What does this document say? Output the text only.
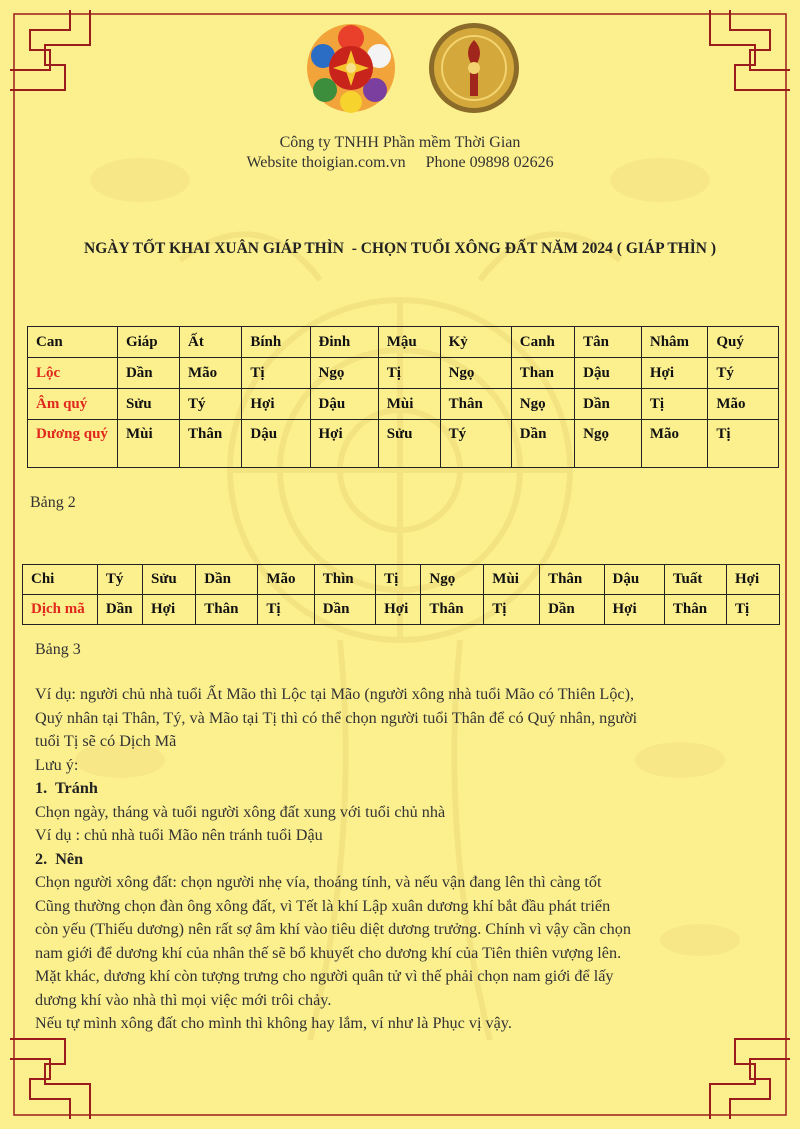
Công ty TNHH Phần mềm Thời Gian
Website thoigian.com.vn     Phone 09898 02626
NGÀY TỐT KHAI XUÂN GIÁP THÌN  - CHỌN TUỔI XÔNG ĐẤT NĂM 2024 ( GIÁP THÌN )
Can	Giáp	Ất	Bính	Đinh	Mậu	Kỷ	Canh	Tân	Nhâm	Quý
Lộc	Dần	Mão	Tị	Ngọ	Tị	Ngọ	Than	Dậu	Hợi	Tý
Âm quý	Sửu	Tý	Hợi	Dậu	Mùi	Thân	Ngọ	Dần	Tị	Mão
Dương quý	Mùi	Thân	Dậu	Hợi	Sửu	Tý	Dần	Ngọ	Mão	Tị
Bảng 2
Chi	Tý	Sửu	Dần	Mão	Thìn	Tị	Ngọ	Mùi	Thân	Dậu	Tuất	Hợi
Dịch mã	Dần	Hợi	Thân	Tị	Dần	Hợi	Thân	Tị	Dần	Hợi	Thân	Tị
Bảng 3

Ví dụ: người chủ nhà tuổi Ất Mão thì Lộc tại Mão (người xông nhà tuổi Mão có Thiên Lộc),

Quý nhân tại Thân, Tý, và Mão tại Tị thì có thể chọn người tuổi Thân để có Quý nhân, người

tuổi Tị sẽ có Dịch Mã

Lưu ý:

1.  Tránh

Chọn ngày, tháng và tuổi người xông đất xung với tuổi chủ nhà

Ví dụ : chủ nhà tuổi Mão nên tránh tuổi Dậu

2.  Nên

Chọn người xông đất: chọn người nhẹ vía, thoáng tính, và nếu vận đang lên thì càng tốt

Cũng thường chọn đàn ông xông đất, vì Tết là khí Lập xuân dương khí bắt đầu phát triển

còn yếu (Thiếu dương) nên rất sợ âm khí vào tiêu diệt dương trưởng. Chính vì vậy cần chọn

nam giới để dương khí của nhân thế sẽ bổ khuyết cho dương khí của Tiên thiên vượng lên.

Mặt khác, dương khí còn tượng trưng cho người quân tử vì thế phải chọn nam giới để lấy

dương khí vào nhà thì mọi việc mới trôi chảy.

Nếu tự mình xông đất cho mình thì không hay lắm, ví như là Phục vị vậy.
